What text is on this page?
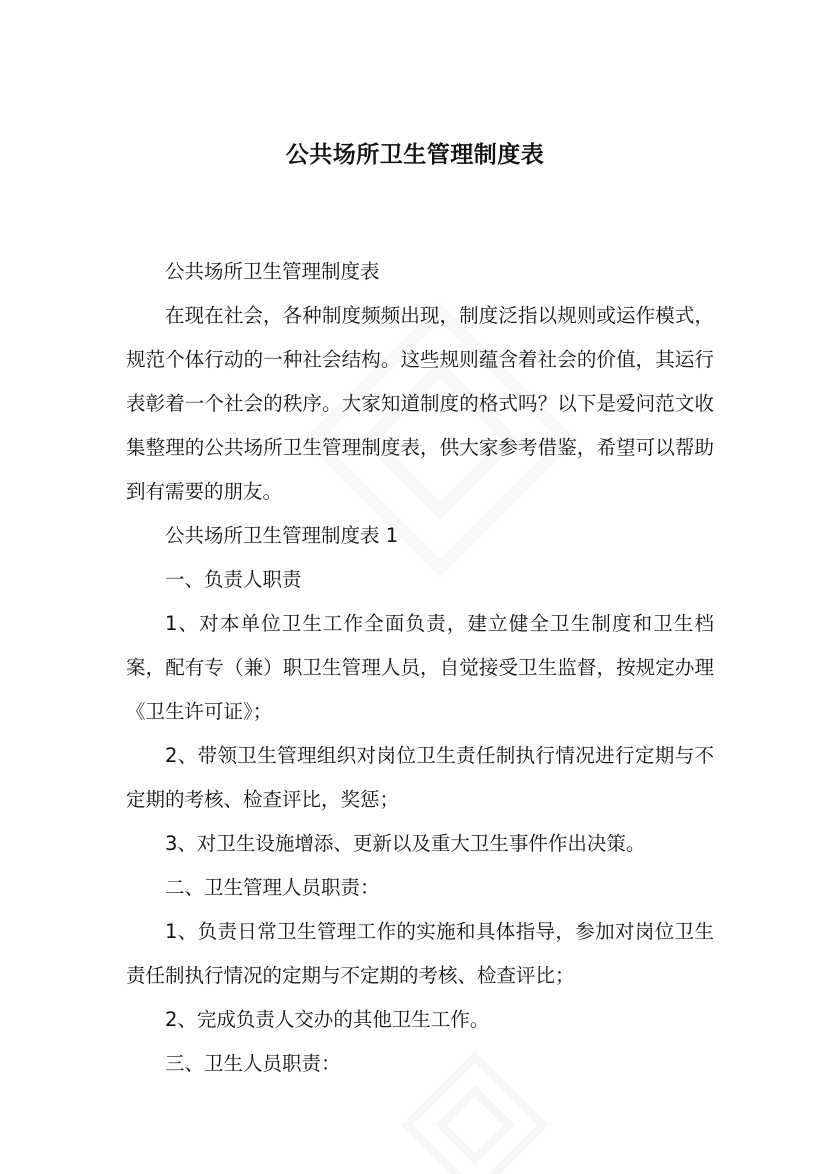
公共场所卫生管理制度表

公共场所卫生管理制度表

在现在社会，各种制度频频出现，制度泛指以规则或运作模式，规范个体行动的一种社会结构。这些规则蕴含着社会的价值，其运行表彰着一个社会的秩序。大家知道制度的格式吗？以下是爱问范文收集整理的公共场所卫生管理制度表，供大家参考借鉴，希望可以帮助到有需要的朋友。

公共场所卫生管理制度表 1

一、负责人职责

1、对本单位卫生工作全面负责，建立健全卫生制度和卫生档案，配有专（兼）职卫生管理人员，自觉接受卫生监督，按规定办理《卫生许可证》；

2、带领卫生管理组织对岗位卫生责任制执行情况进行定期与不定期的考核、检查评比，奖惩；

3、对卫生设施增添、更新以及重大卫生事件作出决策。

二、卫生管理人员职责：

1、负责日常卫生管理工作的实施和具体指导，参加对岗位卫生责任制执行情况的定期与不定期的考核、检查评比；

2、完成负责人交办的其他卫生工作。

三、卫生人员职责：
